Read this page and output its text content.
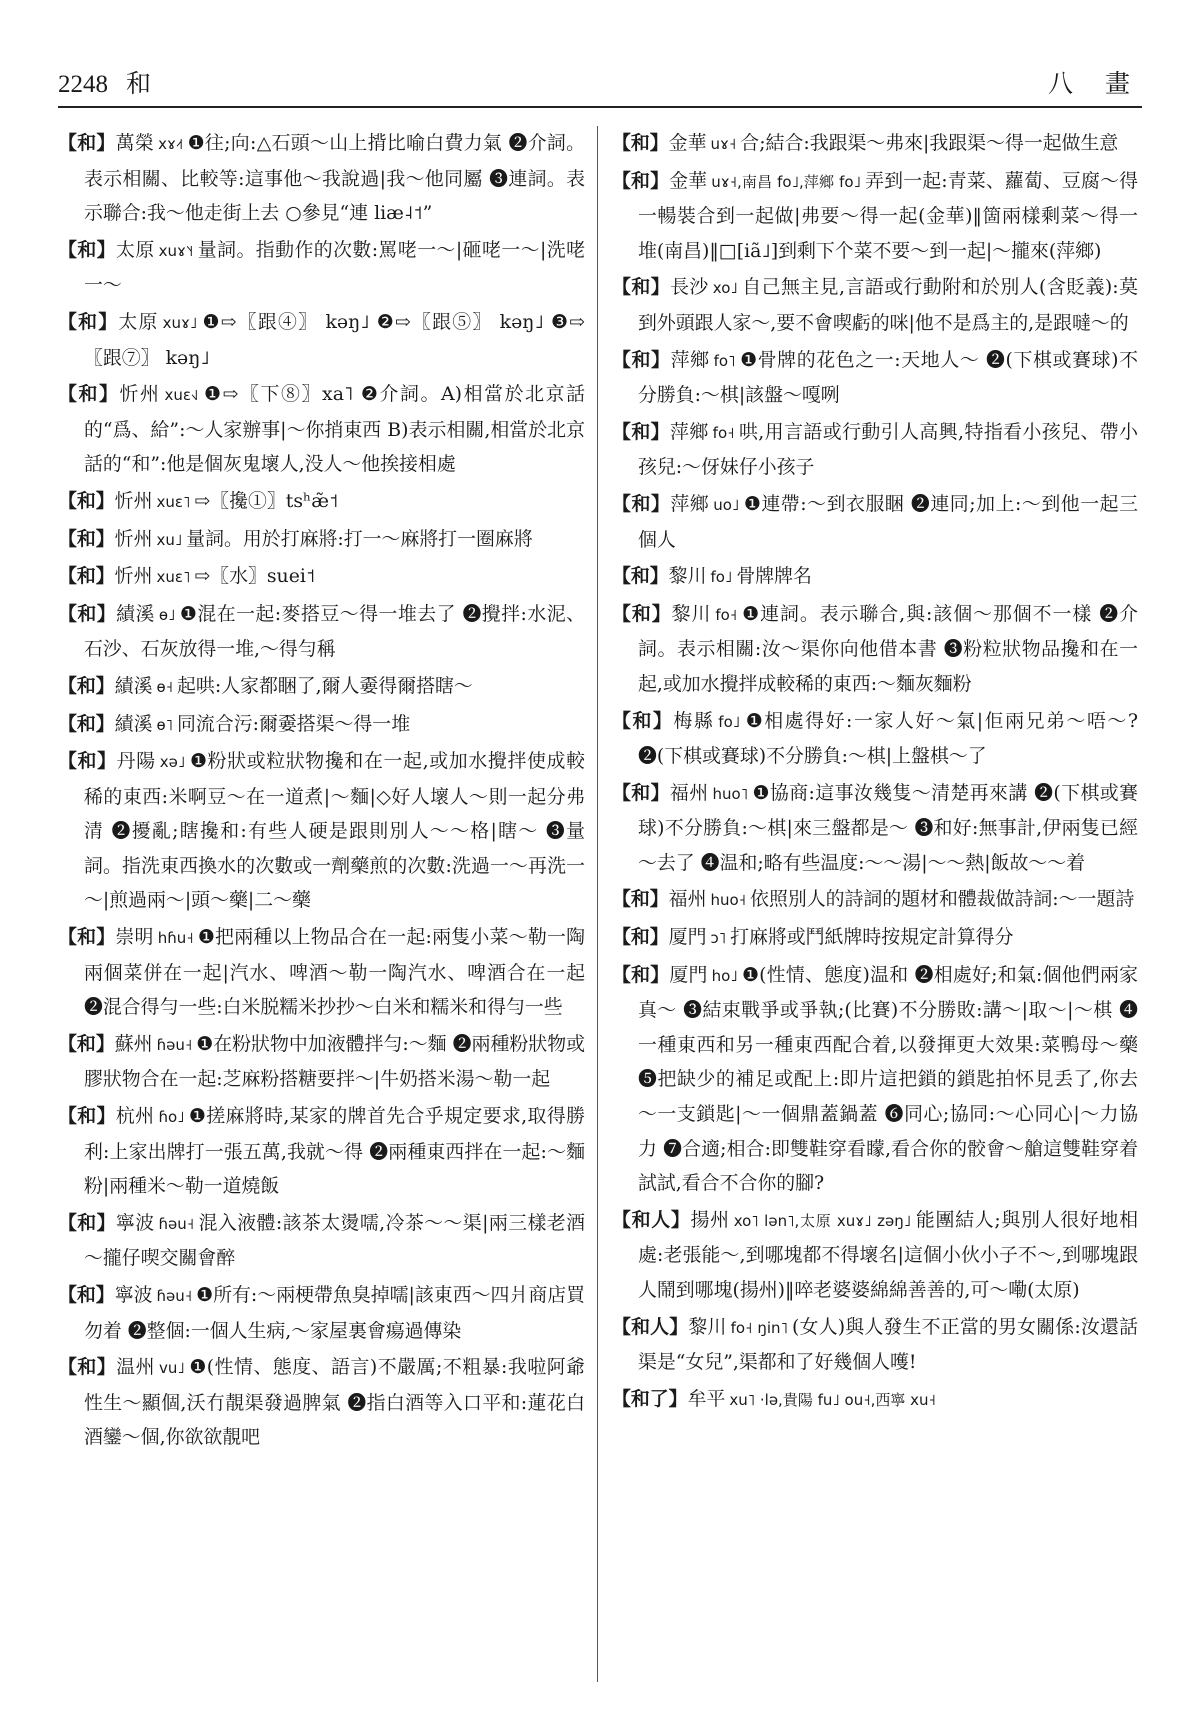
2248 和	八 畫

【和】萬榮 xɤ˨˦ ❶往;向:△石頭～山上揹比喻白費力氣 ❷介詞。表示相關、比較等:這事他～我說過|我～他同屬 ❸連詞。表示聯合:我～他走街上去 ○參見“連 liæ˨˦”

【和】太原 xuɤ˥˧ 量詞。指動作的次數:罵咾一～|砸咾一～|洗咾一～

【和】太原 xuɤ˩ ❶⇨〖跟④〗 kəŋ˩ ❷⇨〖跟⑤〗 kəŋ˩ ❸⇨〖跟⑦〗 kəŋ˩

【和】忻州 xuɛ˧˩ ❶⇨〖下⑧〗xa˥ ❷介詞。A)相當於北京話的“爲、給”:～人家辦事|～你捎東西 B)表示相關,相當於北京話的“和”:他是個灰鬼壞人,没人～他挨接相處

【和】忻州 xuɛ˥ ⇨〖攙①〗tsʰæ̃˦

【和】忻州 xu˩ 量詞。用於打麻將:打一～麻將打一圈麻將

【和】忻州 xuɛ˥ ⇨〖水〗suei˦

【和】績溪 ɵ˩ ❶混在一起:麥搭豆～得一堆去了 ❷攪拌:水泥、石沙、石灰放得一堆,～得勻稱

【和】績溪 ɵ˧ 起哄:人家都睏了,爾人嫑得爾搭瞎～

【和】績溪 ɵ˥ 同流合污:爾嫑搭渠～得一堆

【和】丹陽 xə˩ ❶粉狀或粒狀物攙和在一起,或加水攪拌使成較稀的東西:米啊豆～在一道煮|～麵|◇好人壞人～則一起分弗清 ❷擾亂;瞎攙和:有些人硬是跟則別人～～格|瞎～ ❸量詞。指洗東西換水的次數或一劑藥煎的次數:洗過一～再洗一～|煎過兩～|頭～藥|二～藥

【和】崇明 hɦu˧ ❶把兩種以上物品合在一起:兩隻小菜～勒一陶兩個菜併在一起|汽水、啤酒～勒一陶汽水、啤酒合在一起 ❷混合得勻一些:白米脱糯米抄抄～白米和糯米和得勻一些

【和】蘇州 ɦəu˧ ❶在粉狀物中加液體拌勻:～麵 ❷兩種粉狀物或膠狀物合在一起:芝麻粉搭糖要拌～|牛奶搭米湯～勒一起

【和】杭州 ɦo˩ ❶搓麻將時,某家的牌首先合乎規定要求,取得勝利:上家出牌打一張五萬,我就～得 ❷兩種東西拌在一起:～麵粉|兩種米～勒一道燒飯

【和】寧波 ɦəu˧ 混入液體:該茶太燙嚅,冷茶～～渠|兩三樣老酒～攏仔喫交關會醉

【和】寧波 ɦəu˧ ❶所有:～兩梗帶魚臭掉嚅|該東西～四爿商店買勿着 ❷整個:一個人生病,～家屋裏會瘍過傳染

【和】温州 vu˩ ❶(性情、態度、語言)不嚴厲;不粗暴:我啦阿爺性生～顯個,沃冇靚渠發過脾氣 ❷指白酒等入口平和:蓮花白酒鑾～個,你欲欲靚吧

【和】金華 uɤ˧ 合;結合:我跟渠～弗來|我跟渠～得一起做生意

【和】金華 uɤ˧,南昌 fo˩,萍鄉 fo˩ 弄到一起:青菜、蘿蔔、豆腐～得一暢裝合到一起做|弗要～得一起(金華)‖箇兩樣剩菜～得一堆(南昌)‖□[iã˩]到剩下个菜不要～到一起|～攏來(萍鄉)

【和】長沙 xo˩ 自己無主見,言語或行動附和於別人(含貶義):莫到外頭跟人家～,要不會喫虧的咪|他不是爲主的,是跟噠～的

【和】萍鄉 fo˥ ❶骨牌的花色之一:天地人～ ❷(下棋或賽球)不分勝負:～棋|該盤～嘎咧

【和】萍鄉 fo˧ 哄,用言語或行動引人高興,特指看小孩兒、帶小孩兒:～伢妹仔小孩子

【和】萍鄉 uo˩ ❶連帶:～到衣服睏 ❷連同;加上:～到他一起三個人

【和】黎川 fo˩ 骨牌牌名

【和】黎川 fo˧ ❶連詞。表示聯合,與:該個～那個不一樣 ❷介詞。表示相關:汝～渠你向他借本書 ❸粉粒狀物品攙和在一起,或加水攪拌成較稀的東西:～麵灰麵粉

【和】梅縣 fo˩ ❶相處得好:一家人好～氣|佢兩兄弟～唔～? ❷(下棋或賽球)不分勝負:～棋|上盤棋～了

【和】福州 huo˥ ❶協商:這事汝幾隻～清楚再來講 ❷(下棋或賽球)不分勝負:～棋|來三盤都是～ ❸和好:無事計,伊兩隻已經～去了 ❹温和;略有些温度:～～湯|～～熱|飯故～～着

【和】福州 huo˧ 依照別人的詩詞的題材和體裁做詩詞:～一題詩

【和】厦門 ɔ˥ 打麻將或鬥紙牌時按規定計算得分

【和】厦門 ho˩ ❶(性情、態度)温和 ❷相處好;和氣:個他們兩家真～ ❸結束戰爭或爭執;(比賽)不分勝敗:講～|取～|～棋 ❹一種東西和另一種東西配合着,以發揮更大效果:菜鴨母～藥 ❺把缺少的補足或配上:即片這把鎖的鎖匙拍怀見丢了,你去～一支鎖匙|～一個鼎蓋鍋蓋 ❻同心;協同:～心同心|～力協力 ❼合適;相合:即雙鞋穿看矇,看合你的骹會～艙這雙鞋穿着試試,看合不合你的腳?

【和人】揚州 xo˥ lən˥,太原 xuɤ˩ zəŋ˩ 能團結人;與別人很好地相處:老張能～,到哪塊都不得壞名|這個小伙小子不～,到哪塊跟人鬧到哪塊(揚州)‖啐老婆婆綿綿善善的,可～嘞(太原)

【和人】黎川 fo˧ ŋin˥ (女人)與人發生不正當的男女關係:汝還話渠是“女兒”,渠都和了好幾個人嚄!

【和了】牟平 xu˥ ·lə,貴陽 fu˩ ou˧,西寧 xu˧
